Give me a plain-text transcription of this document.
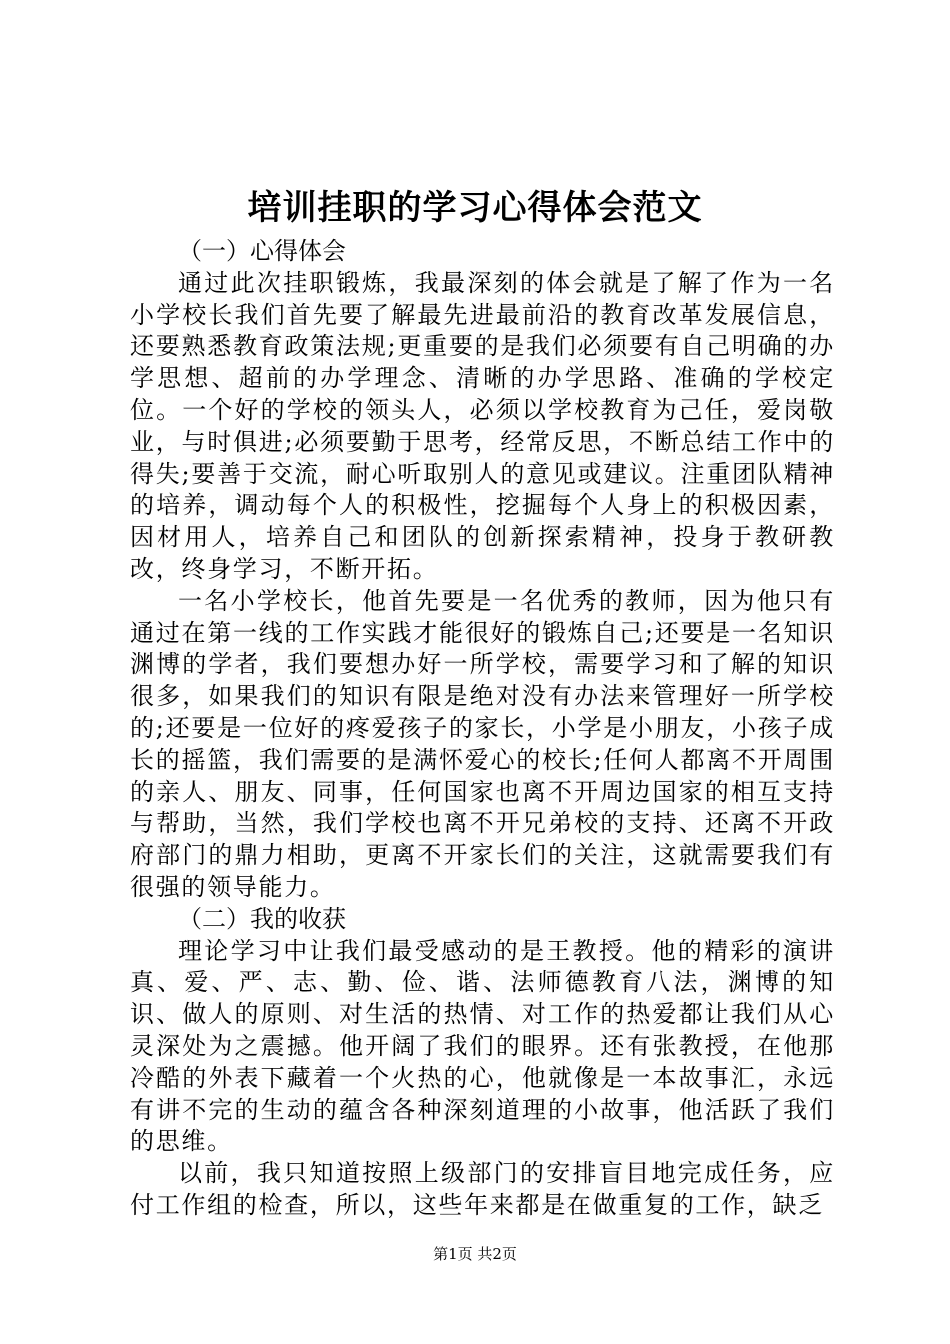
培训挂职的学习心得体会范文

（一）心得体会

通过此次挂职锻炼，我最深刻的体会就是了解了作为一名小学校长我们首先要了解最先进最前沿的教育改革发展信息，还要熟悉教育政策法规;更重要的是我们必须要有自己明确的办学思想、超前的办学理念、清晰的办学思路、准确的学校定位。一个好的学校的领头人，必须以学校教育为己任，爱岗敬业，与时俱进;必须要勤于思考，经常反思，不断总结工作中的得失;要善于交流，耐心听取别人的意见或建议。注重团队精神的培养，调动每个人的积极性，挖掘每个人身上的积极因素，因材用人，培养自己和团队的创新探索精神，投身于教研教改，终身学习，不断开拓。

一名小学校长，他首先要是一名优秀的教师，因为他只有通过在第一线的工作实践才能很好的锻炼自己;还要是一名知识渊博的学者，我们要想办好一所学校，需要学习和了解的知识很多，如果我们的知识有限是绝对没有办法来管理好一所学校的;还要是一位好的疼爱孩子的家长，小学是小朋友，小孩子成长的摇篮，我们需要的是满怀爱心的校长;任何人都离不开周围的亲人、朋友、同事，任何国家也离不开周边国家的相互支持与帮助，当然，我们学校也离不开兄弟校的支持、还离不开政府部门的鼎力相助，更离不开家长们的关注，这就需要我们有很强的领导能力。

（二）我的收获

理论学习中让我们最受感动的是王教授。他的精彩的演讲真、爱、严、志、勤、俭、谐、法师德教育八法，渊博的知识、做人的原则、对生活的热情、对工作的热爱都让我们从心灵深处为之震撼。他开阔了我们的眼界。还有张教授，在他那冷酷的外表下藏着一个火热的心，他就像是一本故事汇，永远有讲不完的生动的蕴含各种深刻道理的小故事，他活跃了我们的思维。

以前，我只知道按照上级部门的安排盲目地完成任务，应付工作组的检查，所以，这些年来都是在做重复的工作，缺乏

第1页 共2页
